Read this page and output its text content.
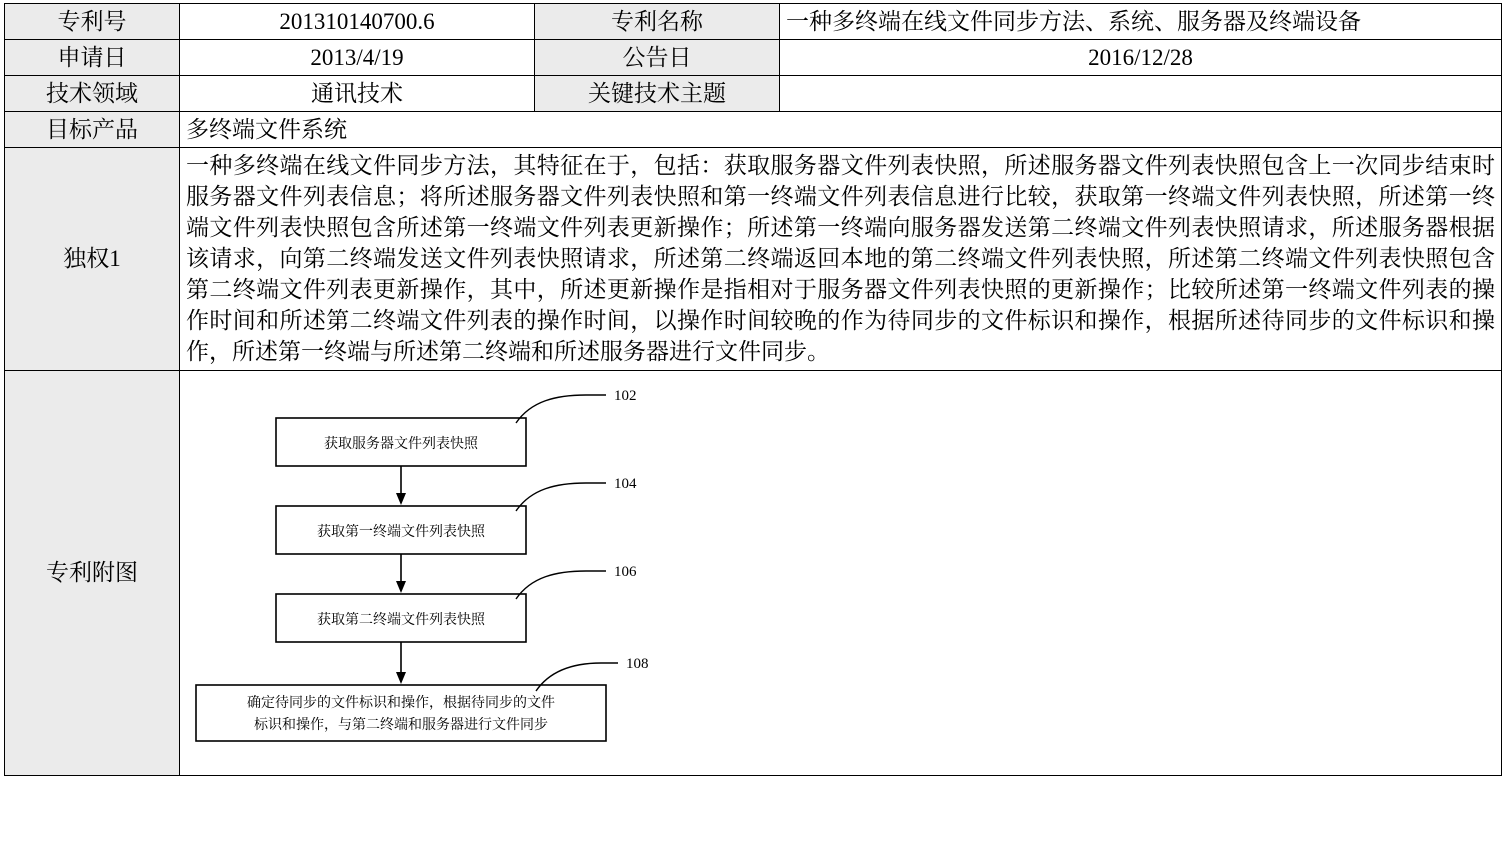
专利号	201310140700.6	专利名称	一种多终端在线文件同步方法、系统、服务器及终端设备
申请日	2013/4/19	公告日	2016/12/28
技术领域	通讯技术	关键技术主题	
目标产品	多终端文件系统		
独权1	一种多终端在线文件同步方法，其特征在于，包括：获取服务器文件列表快照，所述服务器文件列表快照包含上一次同步结束时服务器文件列表信息；将所述服务器文件列表快照和第一终端文件列表信息进行比较，获取第一终端文件列表快照，所述第一终端文件列表快照包含所述第一终端文件列表更新操作；所述第一终端向服务器发送第二终端文件列表快照请求，所述服务器根据该请求，向第二终端发送文件列表快照请求，所述第二终端返回本地的第二终端文件列表快照，所述第二终端文件列表快照包含第二终端文件列表更新操作，其中，所述更新操作是指相对于服务器文件列表快照的更新操作；比较所述第一终端文件列表的操作时间和所述第二终端文件列表的操作时间，以操作时间较晚的作为待同步的文件标识和操作，根据所述待同步的文件标识和操作，所述第一终端与所述第二终端和所述服务器进行文件同步。		
专利附图	
获取服务器文件列表快照
102
获取第一终端文件列表快照
104
获取第二终端文件列表快照
106
确定待同步的文件标识和操作，根据待同步的文件
标识和操作，与第二终端和服务器进行文件同步
108
